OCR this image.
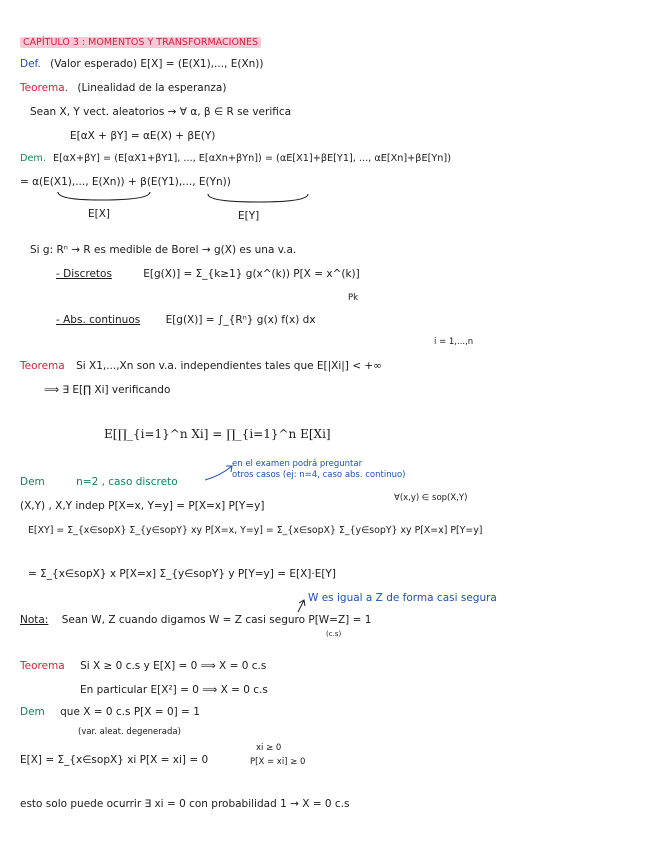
CAPÍTULO 3 : MOMENTOS Y TRANSFORMACIONES
Def. (Valor esperado) E[X] = (E(X1),..., E(Xn))
Teorema. (Linealidad de la esperanza)
Sean X, Y vect. aleatorios → ∀ α, β ∈ R se verifica
E[αX + βY] = αE(X) + βE(Y)
Dem. E[αX+βY] = (E[αX1+βY1], ..., E[αXn+βYn]) = (αE[X1]+βE[Y1], ..., αE[Xn]+βE[Yn])
= α(E(X1),..., E(Xn)) + β(E(Y1),..., E(Yn))
E[X]	E[Y]
Si g: Rⁿ → R es medible de Borel → g(X) es una v.a.
- Discretos	E[g(X)] = Σ_{k≥1} g(x^(k)) P[X = x^(k)]
Pk
- Abs. continuos E[g(X)] = ∫_{Rⁿ} g(x) f(x) dx
i = 1,...,n
Teorema Si X1,...,Xn son v.a. independientes tales que E[|Xi|] < +∞
⟹ ∃ E[∏ Xi] verificando
E[∏_{i=1}^n Xi] = ∏_{i=1}^n E[Xi]
Dem	n=2 , caso discreto
en el examen podrá preguntar
otros casos (ej: n=4, caso abs. continuo)
(X,Y) , X,Y indep P[X=x, Y=y] = P[X=x] P[Y=y]
∀(x,y) ∈ sop(X,Y)
E[XY] = Σ_{x∈sopX} Σ_{y∈sopY} xy P[X=x, Y=y] = Σ_{x∈sopX} Σ_{y∈sopY} xy P[X=x] P[Y=y]
= Σ_{x∈sopX} x P[X=x] Σ_{y∈sopY} y P[Y=y] = E[X]·E[Y]
W es igual a Z de forma casi segura
Nota: Sean W, Z cuando digamos W = Z casi seguro P[W=Z] = 1
(c.s)
Teorema Si X ≥ 0 c.s y E[X] = 0 ⟹ X = 0 c.s
En particular E[X²] = 0 ⟹ X = 0 c.s
Dem que X = 0 c.s P[X = 0] = 1
(var. aleat. degenerada)
xi ≥ 0
E[X] = Σ_{x∈sopX} xi P[X = xi] = 0	P[X = xi] ≥ 0
esto solo puede ocurrir ∃ xi = 0 con probabilidad 1 → X = 0 c.s
